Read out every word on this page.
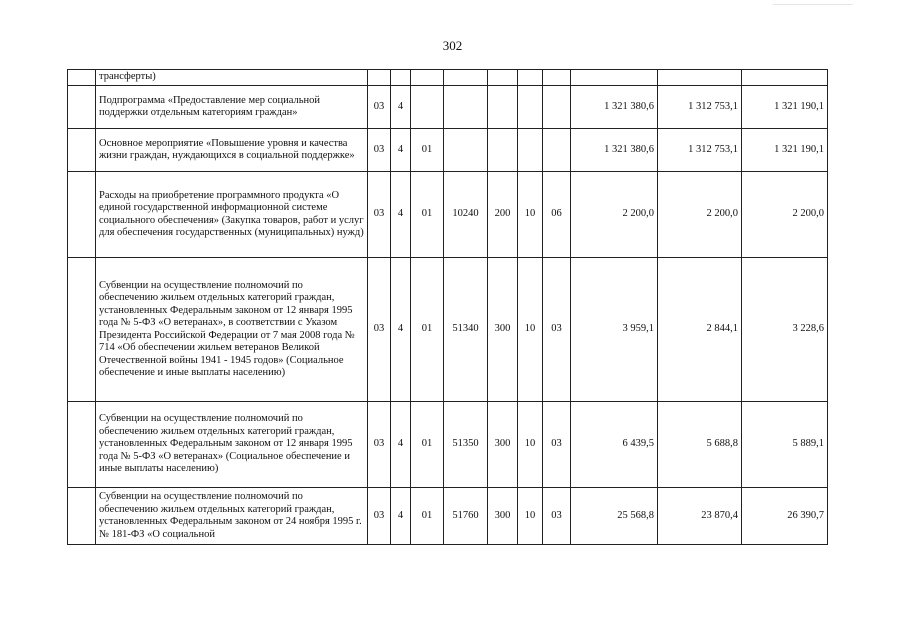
302
	трансферты)										
	Подпрограмма «Предоставление мер социальной поддержки отдельным категориям граждан»	03	4						1 321 380,6	1 312 753,1	1 321 190,1
	Основное мероприятие «Повышение уровня и качества жизни граждан, нуждающихся в социальной поддержке»	03	4	01					1 321 380,6	1 312 753,1	1 321 190,1
	Расходы на приобретение программного продукта «О единой государственной информационной системе социального обеспечения» (Закупка товаров, работ и услуг для обеспечения государственных (муниципальных) нужд)	03	4	01	10240	200	10	06	2 200,0	2 200,0	2 200,0
	Субвенции на осуществление полномочий по обеспечению жильем отдельных категорий граждан, установленных Федеральным законом от 12 января 1995 года № 5-ФЗ «О ветеранах», в соответствии с Указом Президента Российской Федерации от 7 мая 2008 года № 714 «Об обеспечении жильем ветеранов Великой Отечественной войны 1941 - 1945 годов» (Социальное обеспечение и иные выплаты населению)	03	4	01	51340	300	10	03	3 959,1	2 844,1	3 228,6
	Субвенции на осуществление полномочий по обеспечению жильем отдельных категорий граждан, установленных Федеральным законом от 12 января 1995 года № 5-ФЗ «О ветеранах» (Социальное обеспечение и иные выплаты населению)	03	4	01	51350	300	10	03	6 439,5	5 688,8	5 889,1
	Субвенции на осуществление полномочий по обеспечению жильем отдельных категорий граждан, установленных Федеральным законом от 24 ноября 1995 г. № 181-ФЗ «О социальной	03	4	01	51760	300	10	03	25 568,8	23 870,4	26 390,7
